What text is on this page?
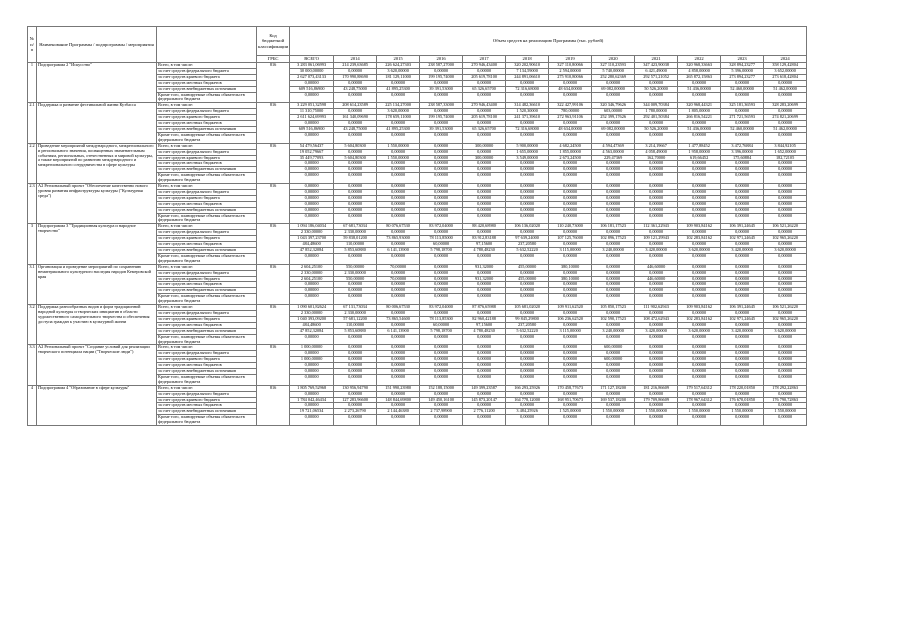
№ п/п	Наименование Программы / подпрограммы / мероприятия		Код бюджетной классификации	Объем средств на реализацию Программы (тыс. рублей)											
			ГРБС	ВСЕГО	2014	2015	2016	2017	2018	2019	2020	2021	2022	2023	2024
1	Подпрограмма 2 "Искусство"	Всего, в том числе:	816	3 283 061,06993	214 239,63685	226 624,27303	238 587,27000	270 946,43400	320 202,90610	327 110,80066	327 110,23593	347 423,90038	320 968,33663	328 894,23277	358 129,42804
		за счет средств федерального бюджета		30 000,00000	0,00000	3 620,00000	0,00000	0,00000	7 134,59000	2 594,00000	5 740,00000	6 421,49000	4 858,00000	5 396,00000	3 652,00000
		за счет средств краевого бюджета		2 627 073,43133	170 990,88690	181 129,11000	199 195,74000	205 619,78100	244 891,06610	275 910,80066	252 280,62369	292 571,21052	265 872,15863	273 894,23277	273 618,42804
		за счет средств местных бюджетов		0,00000	0,00000	0,00000	0,00000	0,00000	0,00000	0,00000	0,00000	0,00000	0,00000	0,00000	0,00000
		за счет средств внебюджетных источников		609 516,86900	43 248,75000	41 895,25300	39 391,53000	65 326,65700	72 316,68000	48 634,00000	69 082,00000	50 526,20000	51 436,00000	52 460,00000	51 462,00000
		Кроме того, планируемые объемы обязательств федерального бюджета		0,00000	0,00000	0,00000	0,00000	0,00000	0,00000	0,00000	0,00000	0,00000	0,00000	0,00000	0,00000
2.1	Поддержка и развитие фестивальной жизни Кузбасса	Всего, в том числе:	816	3 229 051,32598	208 614,23589	225 134,27000	238 587,33000	270 946,43400	314 482,36610	322 427,99106	320 346,79626	344 009,70384	320 968,44321	325 181,36593	328 283,20699
		за счет средств федерального бюджета		11 310,75000	0,00000	3 620,00000	0,00000	0,00000	1 520,30000	780,00000	603,00000	1 780,00000	1 805,00000	0,00000	0,00000
		за счет средств краевого бюджета		2 611 624,69993	161 340,09690	178 659,11000	199 195,74000	205 619,78100	241 371,39610	272 963,91106	252 399,17626	292 401,50384	266 816,54221	271 721,56593	274 821,20699
		за счет средств местных бюджетов		0,00000	0,00000	0,00000	0,00000	0,00000	0,00000	0,00000	0,00000	0,00000	0,00000	0,00000	0,00000
		за счет средств внебюджетных источников		609 516,86900	43 248,75000	41 895,25300	39 391,53000	65 326,65700	72 316,68000	48 634,00000	69 082,00000	50 526,20000	51 436,00000	52 460,00000	51 462,00000
		Кроме того, планируемые объемы обязательств федерального бюджета		0,00000	0,00000	0,00000	0,00000	0,00000	0,00000	0,00000	0,00000	0,00000	0,00000	0,00000	0,00000
2.2	Проведение мероприятий международного, межрегионального и регионального значения, посвященных знаменательным событиям, региональных, отечественных и мировой культуры, а также мероприятий по развитию международного и межрегионального сотрудничества в сфере культуры	Всего, в том числе:	816	54 479,56437	5 604,80300	1 550,00000	0,00000	300,00000	5 900,00000	4 682,24500	4 594,47369	3 214,19667	1 477,88452	3 472,76884	3 844,92105
		за счет средств федерального бюджета		19 052,79667	0,00000	0,00000	0,00000	0,00000	1 655,00000	1 855,00000	4 563,00000	4 058,49000	1 958,00000	3 396,00000	1 652,00000
		за счет средств краевого бюджета		35 449,77093	5 604,80300	1 550,00000	0,00000	300,00000	3 549,00000	2 673,24500	229,47369	162,70000	619,66452	175,60884	182,72105
		за счет средств местных бюджетов		0,00000	0,00000	0,00000	0,00000	0,00000	0,00000	0,00000	0,00000	0,00000	0,00000	0,00000	0,00000
		за счет средств внебюджетных источников		0,00000	0,00000	0,00000	0,00000	0,00000	0,00000	0,00000	0,00000	0,00000	0,00000	0,00000	0,00000
		Кроме того, планируемые объемы обязательств федерального бюджета		0,00000	0,00000	0,00000	0,00000	0,00000	0,00000	0,00000	0,00000	0,00000	0,00000	0,00000	0,00000
2.3	А2 Региональный проект "Обеспечение качественно нового уровня развития инфраструктуры культуры ("Культурная среда")	Всего, в том числе:	816	0,00000	0,00000	0,00000	0,00000	0,00000	0,00000	0,00000	0,00000	0,00000	0,00000	0,00000	0,00000
		за счет средств федерального бюджета		0,00000	0,00000	0,00000	0,00000	0,00000	0,00000	0,00000	0,00000	0,00000	0,00000	0,00000	0,00000
		за счет средств краевого бюджета		0,00000	0,00000	0,00000	0,00000	0,00000	0,00000	0,00000	0,00000	0,00000	0,00000	0,00000	0,00000
		за счет средств местных бюджетов		0,00000	0,00000	0,00000	0,00000	0,00000	0,00000	0,00000	0,00000	0,00000	0,00000	0,00000	0,00000
		за счет средств внебюджетных источников		0,00000	0,00000	0,00000	0,00000	0,00000	0,00000	0,00000	0,00000	0,00000	0,00000	0,00000	0,00000
		Кроме того, планируемые объемы обязательств федерального бюджета		0,00000	0,00000	0,00000	0,00000	0,00000	0,00000	0,00000	0,00000	0,00000	0,00000	0,00000	0,00000
3	Подпрограмма 3 "Традиционная культура и народное творчество"	Всего, в том числе:	816	1 094 186,04034	67 681,73034	80 076,67530	83 972,04000	88 420,68980	106 136,02020	110 240,73000	106 181,17523	112 361,22943	109 903,84162	106 391,24645	106 521,26220
		за счет средств федерального бюджета		2 330,00000	2 330,00000	0,00000	0,00000	0,00000	0,00000	0,00000	0,00000	0,00000	0,00000	0,00000	0,00000
		за счет средств краевого бюджета		1 043 397,23700	59 838,01200	73 865,93000	78 113,85000	83 912,83188	97 639,24000	107 125,76000	102 896,17523	109 121,29943	102 283,84162	102 971,24645	102 965,26220
		за счет средств местных бюджетов		484,48600	110,00000	0,00000	60,00000	97,15600	237,20580	0,00000	0,00000	0,00000	0,00000	0,00000	0,00000
		за счет средств внебюджетных источников		47 852,32084	5 853,60880	6 141,13900	5 798,18700	4 780,48230	5 632,52220	3 115,00000	3 240,00000	3 420,00000	3 620,00000	3 420,00000	3 620,00000
		Кроме того, планируемые объемы обязательств федерального бюджета		0,00000	0,00000	0,00000	0,00000	0,00000	0,00000	0,00000	0,00000	0,00000	0,00000	0,00000	0,00000
3.1	Организация и проведение мероприятий по сохранению нематериального культурного наследия народов Кемеровской края	Всего, в том числе:	816	2 604,25100	550,00000	70,00000	0,00000	931,32000	455,00000	380,10000	0,00000	446,60000	0,00000	0,00000	0,00000
		за счет средств федерального бюджета		2 330,00000	2 330,00000	0,00000	0,00000	0,00000	0,00000	0,00000	0,00000	0,00000	0,00000	0,00000	0,00000
		за счет средств краевого бюджета		2 604,25100	550,00000	70,00000	0,00000	931,32000	455,00000	380,10000	0,00000	446,60000	0,00000	0,00000	0,00000
		за счет средств местных бюджетов		0,00000	0,00000	0,00000	0,00000	0,00000	0,00000	0,00000	0,00000	0,00000	0,00000	0,00000	0,00000
		за счет средств внебюджетных источников		0,00000	0,00000	0,00000	0,00000	0,00000	0,00000	0,00000	0,00000	0,00000	0,00000	0,00000	0,00000
		Кроме того, планируемые объемы обязательств федерального бюджета		0,00000	0,00000	0,00000	0,00000	0,00000	0,00000	0,00000	0,00000	0,00000	0,00000	0,00000	0,00000
3.2	Поддержка разнообразных видов и форм традиционной народной культуры и творческих инициатив в области художественного самодеятельного творчества и обеспечения доступа граждан к участию в культурной жизни	Всего, в том числе:	816	1 090 601,82624	67 131,73034	80 006,67530	83 972,04000	87 876,65988	105 681,02020	109 911,62520	105 850,17523	111 902,62943	109 903,84162	106 391,24645	106 521,26220
		за счет средств федерального бюджета		2 330,00000	2 330,00000	0,00000	0,00000	0,00000	0,00000	0,00000	0,00000	0,00000	0,00000	0,00000	0,00000
		за счет средств краевого бюджета		1 040 393,09200	57 681,12200	73 865,54600	78 113,85300	82 960,42188	99 845,29800	106 236,62520	102 590,17523	108 472,62943	102 283,84162	102 971,24645	102 965,26220
		за счет средств местных бюджетов		484,48600	110,00000	0,00000	60,00000	97,15600	237,20580	0,00000	0,00000	0,00000	0,00000	0,00000	0,00000
		за счет средств внебюджетных источников		47 852,32084	5 853,60880	6 141,13900	5 798,18700	4 780,48230	5 632,52220	3 115,00000	3 240,00000	3 420,00000	3 620,00000	3 420,00000	3 620,00000
		Кроме того, планируемые объемы обязательств федерального бюджета		0,00000	0,00000	0,00000	0,00000	0,00000	0,00000	0,00000	0,00000	0,00000	0,00000	0,00000	0,00000
3.3	А2 Региональный проект "Создание условий для реализации творческого потенциала нации ("Творческие люди")	Всего, в том числе:	816	1 000,00000	0,00000	0,00000	0,00000	0,00000	0,00000	0,00000	600,00000	0,00000	0,00000	0,00000	0,00000
		за счет средств федерального бюджета		0,00000	0,00000	0,00000	0,00000	0,00000	0,00000	0,00000	0,00000	0,00000	0,00000	0,00000	0,00000
		за счет средств краевого бюджета		1 000,00000	0,00000	0,00000	0,00000	0,00000	0,00000	0,00000	600,00000	0,00000	0,00000	0,00000	0,00000
		за счет средств местных бюджетов		0,00000	0,00000	0,00000	0,00000	0,00000	0,00000	0,00000	0,00000	0,00000	0,00000	0,00000	0,00000
		за счет средств внебюджетных источников		0,00000	0,00000	0,00000	0,00000	0,00000	0,00000	0,00000	0,00000	0,00000	0,00000	0,00000	0,00000
		Кроме того, планируемые объемы обязательств федерального бюджета		0,00000	0,00000	0,00000	0,00000	0,00000	0,00000	0,00000	0,00000	0,00000	0,00000	0,00000	0,00000
4	Подпрограмма 4 "Образование в сфере культуры"	Всего, в том числе:	816	1 805 769,52968	130 956,94790	151 990,23980	152 188,15000	149 399,23587	166 293,25926	170 458,77673	171 127,18200	181 216,86609	179 517,64312	178 220,01850	178 292,22863
		за счет средств федерального бюджета		0,00000	0,00000	0,00000	0,00000	0,00000	0,00000	0,00000	0,00000	0,00000	0,00000	0,00000	0,00000
		за счет средств краевого бюджета		1 784 042,46434	127 283,96600	148 844,69800	149 450,16100	145 873,20147	164 778,12000	168 951,70673	169 537,18200	179 709,86609	178 967,64312	176 670,01850	176 790,72863
		за счет средств местных бюджетов		0,00000	0,00000	0,00000	0,00000	0,00000	0,00000	0,00000	0,00000	0,00000	0,00000	0,00000	0,00000
		за счет средств внебюджетных источников		19 721,06534	2 273,26790	2 144,46380	2 737,98900	2 776,11200	3 484,25926	1 525,00000	1 550,00000	1 550,00000	1 550,00000	1 550,00000	1 550,00000
		Кроме того, планируемые объемы обязательств федерального бюджета		0,00000	0,00000	0,00000	0,00000	0,00000	0,00000	0,00000	0,00000	0,00000	0,00000	0,00000	0,00000
